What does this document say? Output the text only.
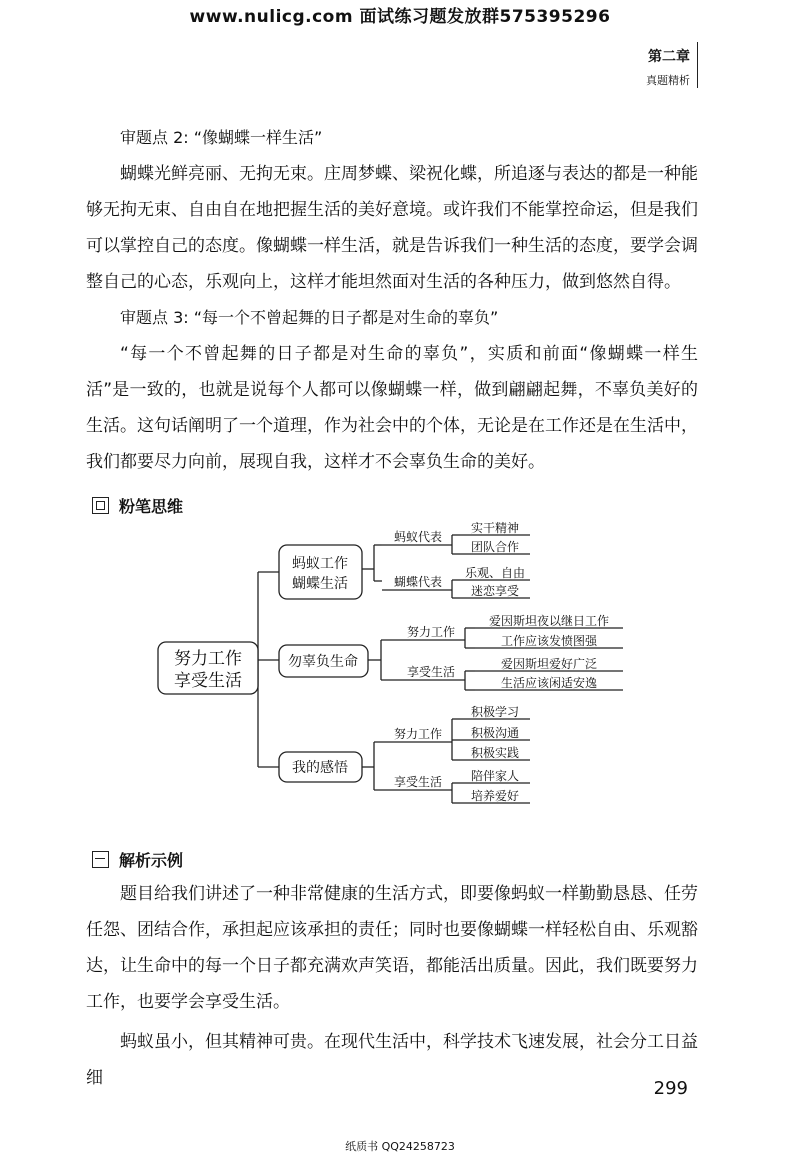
www.nulicg.com 面试练习题发放群575395296
第二章
真题精析
审题点 2: “像蝴蝶一样生活”

蝴蝶光鲜亮丽、无拘无束。庄周梦蝶、梁祝化蝶，所追逐与表达的都是一种能够无拘无束、自由自在地把握生活的美好意境。或许我们不能掌控命运，但是我们可以掌控自己的态度。像蝴蝶一样生活，就是告诉我们一种生活的态度，要学会调整自己的心态，乐观向上，这样才能坦然面对生活的各种压力，做到悠然自得。

审题点 3: “每一个不曾起舞的日子都是对生命的辜负”

“每一个不曾起舞的日子都是对生命的辜负”，实质和前面“像蝴蝶一样生活”是一致的，也就是说每个人都可以像蝴蝶一样，做到翩翩起舞，不辜负美好的生活。这句话阐明了一个道理，作为社会中的个体，无论是在工作还是在生活中，我们都要尽力向前，展现自我，这样才不会辜负生命的美好。

粉笔思维
努力工作
享受生活
蚂蚁工作
蝴蝶生活
勿辜负生命
我的感悟
蚂蚁代表
蝴蝶代表
努力工作
享受生活
努力工作
享受生活
实干精神
团队合作
乐观、自由
迷恋享受
爱因斯坦夜以继日工作
工作应该发愤图强
爱因斯坦爱好广泛
生活应该闲适安逸
积极学习
积极沟通
积极实践
陪伴家人
培养爱好
解析示例

题目给我们讲述了一种非常健康的生活方式，即要像蚂蚁一样勤勤恳恳、任劳任怨、团结合作，承担起应该承担的责任；同时也要像蝴蝶一样轻松自由、乐观豁达，让生命中的每一个日子都充满欢声笑语，都能活出质量。因此，我们既要努力工作，也要学会享受生活。

蚂蚁虽小，但其精神可贵。在现代生活中，科学技术飞速发展，社会分工日益细	299
纸质书 QQ24258723
